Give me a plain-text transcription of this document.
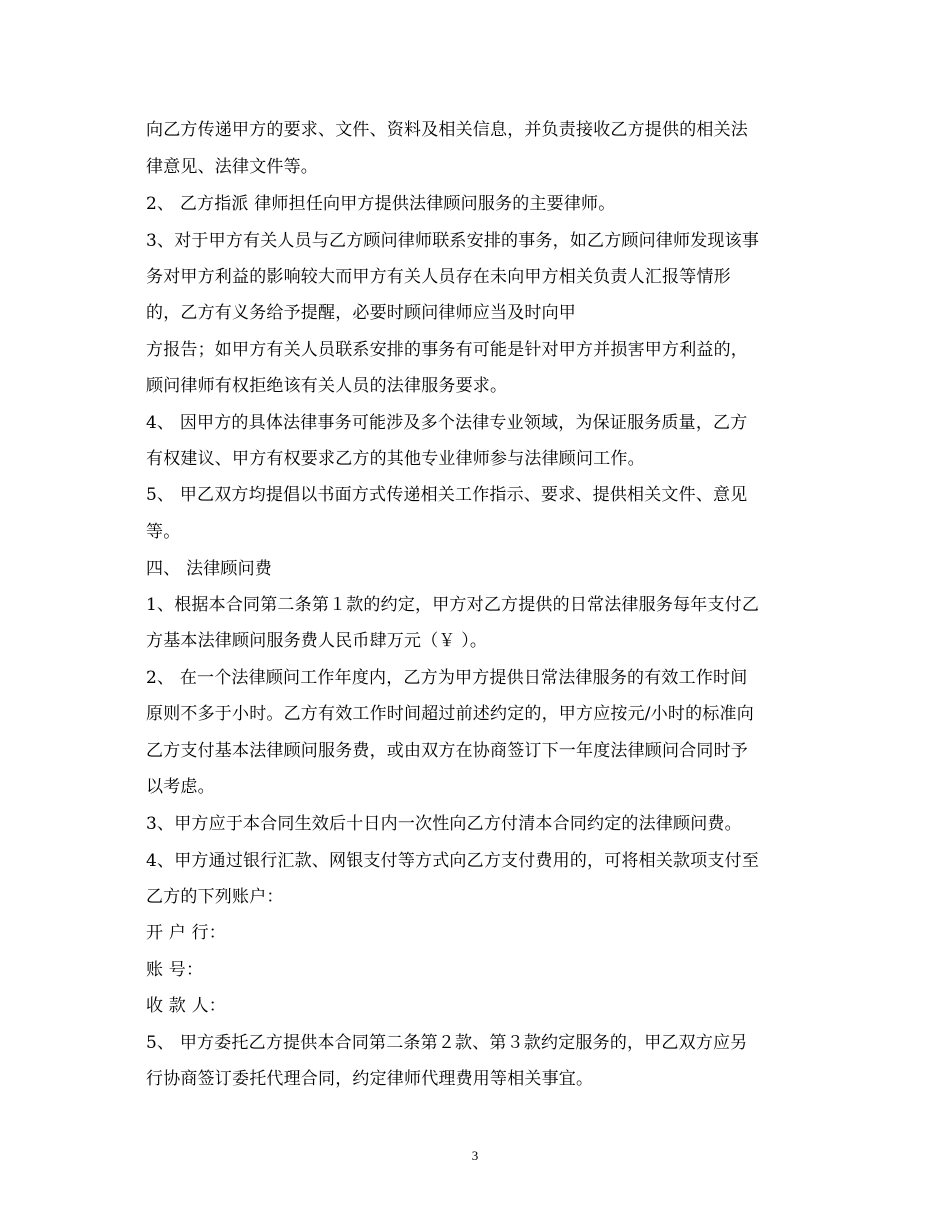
向乙方传递甲方的要求、文件、资料及相关信息，并负责接收乙方提供的相关法
律意见、法律文件等。
2、 乙方指派 律师担任向甲方提供法律顾问服务的主要律师。
3、对于甲方有关人员与乙方顾问律师联系安排的事务，如乙方顾问律师发现该事
务对甲方利益的影响较大而甲方有关人员存在未向甲方相关负责人汇报等情形
的，乙方有义务给予提醒，必要时顾问律师应当及时向甲
方报告；如甲方有关人员联系安排的事务有可能是针对甲方并损害甲方利益的，
顾问律师有权拒绝该有关人员的法律服务要求。
4、 因甲方的具体法律事务可能涉及多个法律专业领域，为保证服务质量，乙方
有权建议、甲方有权要求乙方的其他专业律师参与法律顾问工作。
5、 甲乙双方均提倡以书面方式传递相关工作指示、要求、提供相关文件、意见
等。
四、 法律顾问费
1、根据本合同第二条第１款的约定，甲方对乙方提供的日常法律服务每年支付乙
方基本法律顾问服务费人民币肆万元（￥ ）。
2、 在一个法律顾问工作年度内，乙方为甲方提供日常法律服务的有效工作时间
原则不多于小时。乙方有效工作时间超过前述约定的，甲方应按元/小时的标准向
乙方支付基本法律顾问服务费，或由双方在协商签订下一年度法律顾问合同时予
以考虑。
3、甲方应于本合同生效后十日内一次性向乙方付清本合同约定的法律顾问费。
4、甲方通过银行汇款、网银支付等方式向乙方支付费用的，可将相关款项支付至
乙方的下列账户：
开 户 行：
账 号：
收 款 人：
5、 甲方委托乙方提供本合同第二条第２款、第３款约定服务的，甲乙双方应另
行协商签订委托代理合同，约定律师代理费用等相关事宜。
3
